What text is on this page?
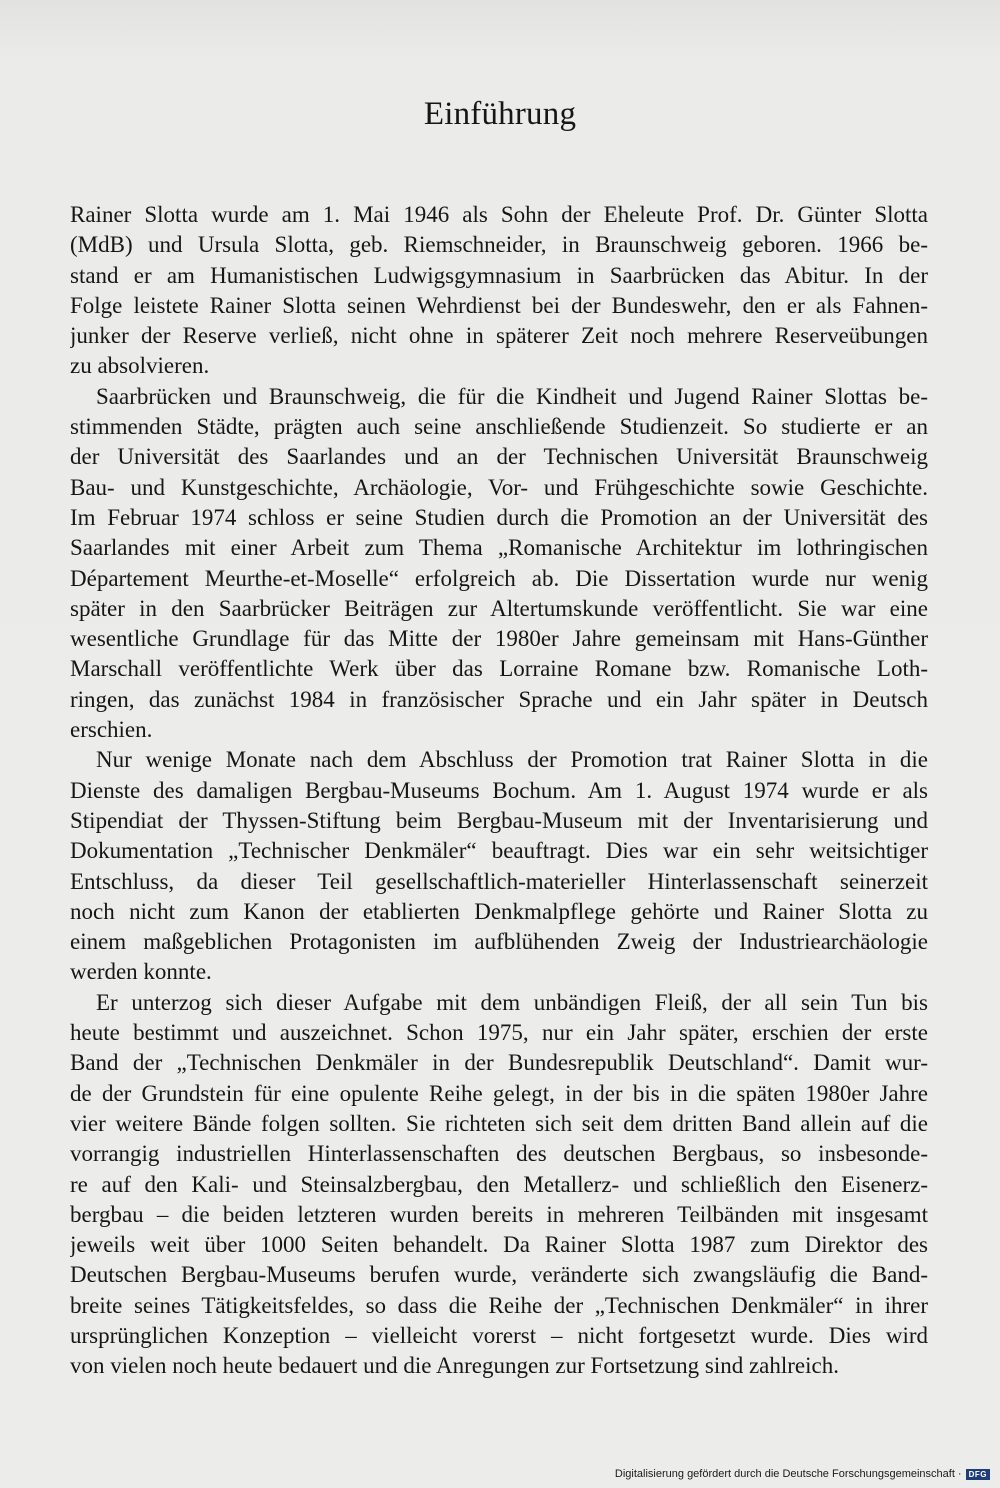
Einführung
Rainer Slotta wurde am 1. Mai 1946 als Sohn der Eheleute Prof. Dr. Günter Slotta
(MdB) und Ursula Slotta, geb. Riemschneider, in Braunschweig geboren. 1966 be-
stand er am Humanistischen Ludwigsgymnasium in Saarbrücken das Abitur. In der
Folge leistete Rainer Slotta seinen Wehrdienst bei der Bundeswehr, den er als Fahnen-
junker der Reserve verließ, nicht ohne in späterer Zeit noch mehrere Reserveübungen
zu absolvieren.
Saarbrücken und Braunschweig, die für die Kindheit und Jugend Rainer Slottas be-
stimmenden Städte, prägten auch seine anschließende Studienzeit. So studierte er an
der Universität des Saarlandes und an der Technischen Universität Braunschweig
Bau- und Kunstgeschichte, Archäologie, Vor- und Frühgeschichte sowie Geschichte.
Im Februar 1974 schloss er seine Studien durch die Promotion an der Universität des
Saarlandes mit einer Arbeit zum Thema „Romanische Architektur im lothringischen
Département Meurthe-et-Moselle“ erfolgreich ab. Die Dissertation wurde nur wenig
später in den Saarbrücker Beiträgen zur Altertumskunde veröffentlicht. Sie war eine
wesentliche Grundlage für das Mitte der 1980er Jahre gemeinsam mit Hans-Günther
Marschall veröffentlichte Werk über das Lorraine Romane bzw. Romanische Loth-
ringen, das zunächst 1984 in französischer Sprache und ein Jahr später in Deutsch
erschien.
Nur wenige Monate nach dem Abschluss der Promotion trat Rainer Slotta in die
Dienste des damaligen Bergbau-Museums Bochum. Am 1. August 1974 wurde er als
Stipendiat der Thyssen-Stiftung beim Bergbau-Museum mit der Inventarisierung und
Dokumentation „Technischer Denkmäler“ beauftragt. Dies war ein sehr weitsichtiger
Entschluss, da dieser Teil gesellschaftlich-materieller Hinterlassenschaft seinerzeit
noch nicht zum Kanon der etablierten Denkmalpflege gehörte und Rainer Slotta zu
einem maßgeblichen Protagonisten im aufblühenden Zweig der Industriearchäologie
werden konnte.
Er unterzog sich dieser Aufgabe mit dem unbändigen Fleiß, der all sein Tun bis
heute bestimmt und auszeichnet. Schon 1975, nur ein Jahr später, erschien der erste
Band der „Technischen Denkmäler in der Bundesrepublik Deutschland“. Damit wur-
de der Grundstein für eine opulente Reihe gelegt, in der bis in die späten 1980er Jahre
vier weitere Bände folgen sollten. Sie richteten sich seit dem dritten Band allein auf die
vorrangig industriellen Hinterlassenschaften des deutschen Bergbaus, so insbesonde-
re auf den Kali- und Steinsalzbergbau, den Metallerz- und schließlich den Eisenerz-
bergbau – die beiden letzteren wurden bereits in mehreren Teilbänden mit insgesamt
jeweils weit über 1000 Seiten behandelt. Da Rainer Slotta 1987 zum Direktor des
Deutschen Bergbau-Museums berufen wurde, veränderte sich zwangsläufig die Band-
breite seines Tätigkeitsfeldes, so dass die Reihe der „Technischen Denkmäler“ in ihrer
ursprünglichen Konzeption – vielleicht vorerst – nicht fortgesetzt wurde. Dies wird
von vielen noch heute bedauert und die Anregungen zur Fortsetzung sind zahlreich.
Digitalisierung gefördert durch die Deutsche Forschungsgemeinschaft · DFG
